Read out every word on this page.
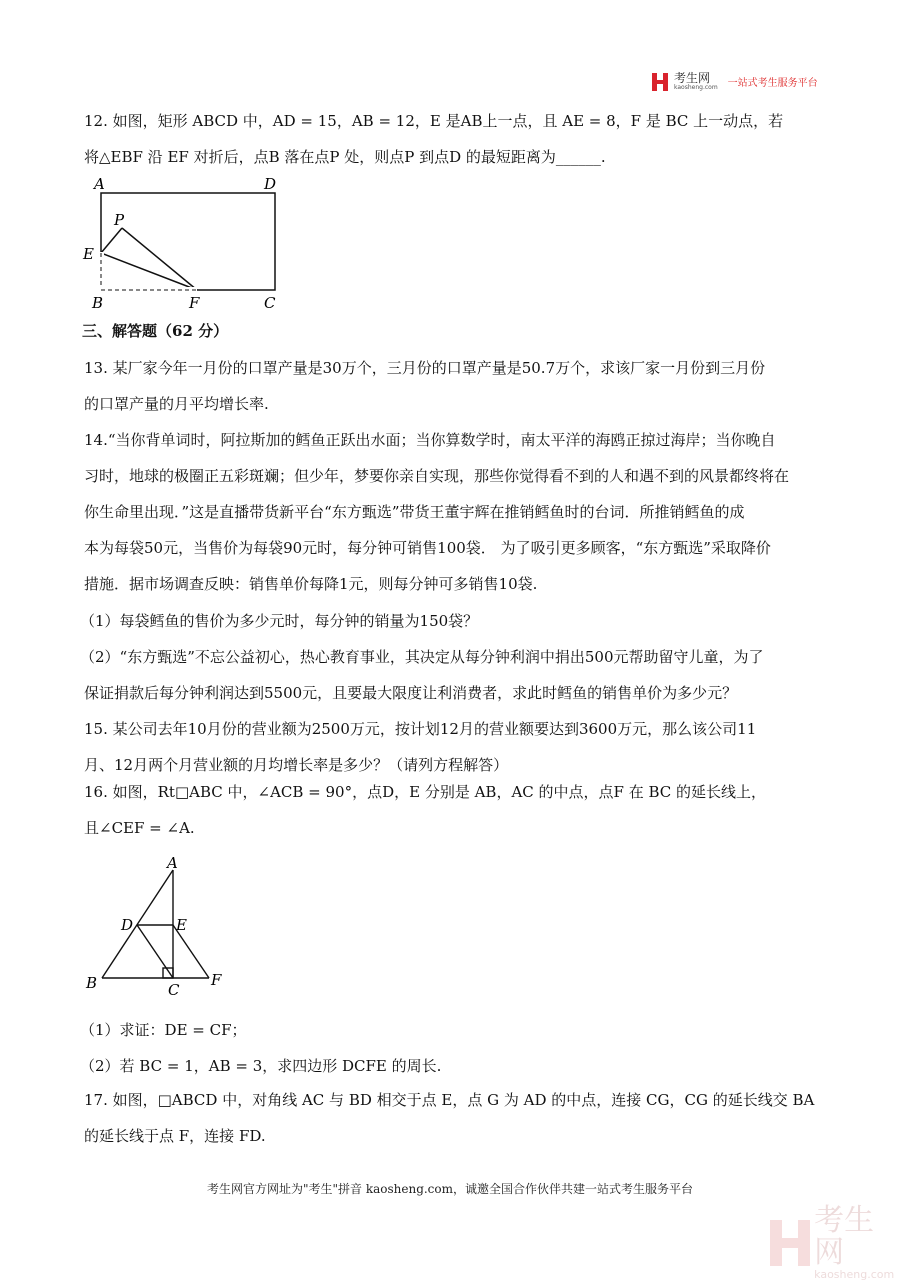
考生网
kaosheng.com 一站式考生服务平台
12. 如图，矩形 ABCD 中，AD = 15，AB = 12，E 是AB上一点，且 AE = 8，F 是 BC 上一动点，若
将△EBF 沿 EF 对折后，点B 落在点P 处，则点P 到点D 的最短距离为______.
A	D
P
E
B	F	C
三、解答题（62 分）
13. 某厂家今年一月份的口罩产量是30万个，三月份的口罩产量是50.7万个，求该厂家一月份到三月份
的口罩产量的月平均增长率.
14.“当你背单词时，阿拉斯加的鳕鱼正跃出水面；当你算数学时，南太平洋的海鸥正掠过海岸；当你晚自
习时，地球的极圈正五彩斑斓；但少年，梦要你亲自实现，那些你觉得看不到的人和遇不到的风景都终将在
你生命里出现．”这是直播带货新平台“东方甄选”带货王董宇辉在推销鳕鱼时的台词．所推销鳕鱼的成
本为每袋50元，当售价为每袋90元时，每分钟可销售100袋． 为了吸引更多顾客，“东方甄选”采取降价
措施．据市场调查反映：销售单价每降1元，则每分钟可多销售10袋.
（1）每袋鳕鱼的售价为多少元时，每分钟的销量为150袋？
（2）“东方甄选”不忘公益初心，热心教育事业，其决定从每分钟利润中捐出500元帮助留守儿童，为了
保证捐款后每分钟利润达到5500元，且要最大限度让利消费者，求此时鳕鱼的销售单价为多少元？
15. 某公司去年10月份的营业额为2500万元，按计划12月的营业额要达到3600万元，那么该公司11
月、12月两个月营业额的月均增长率是多少？（请列方程解答）
16. 如图，Rt□ABC 中，∠ACB = 90°，点D，E 分别是 AB，AC 的中点，点F 在 BC 的延长线上，
且∠CEF = ∠A.
A
B	C
D	E
F
（1）求证：DE = CF；
（2）若 BC = 1，AB = 3，求四边形 DCFE 的周长.
17. 如图，□ABCD 中，对角线 AC 与 BD 相交于点 E，点 G 为 AD 的中点，连接 CG，CG 的延长线交 BA
的延长线于点 F，连接 FD.
考生网官方网址为"考生"拼音 kaosheng.com，诚邀全国合作伙伴共建一站式考生服务平台
考生网
kaosheng.com
